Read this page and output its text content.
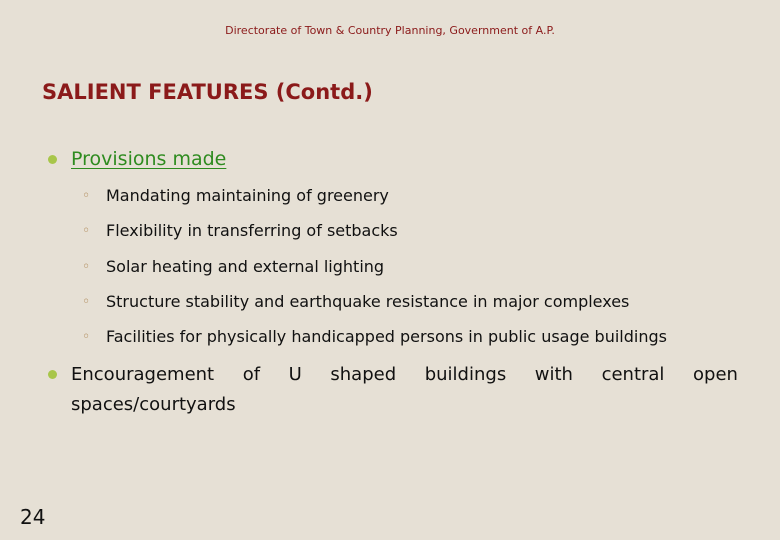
Directorate of Town & Country Planning, Government of A.P.
SALIENT FEATURES (Contd.)
Provisions made
◦ Mandating maintaining of greenery
◦ Flexibility in transferring of setbacks
◦ Solar heating and external lighting
◦ Structure stability and earthquake resistance in major complexes
◦ Facilities for physically handicapped persons in public usage buildings
Encouragement of U shaped buildings with central open
spaces/courtyards
24
